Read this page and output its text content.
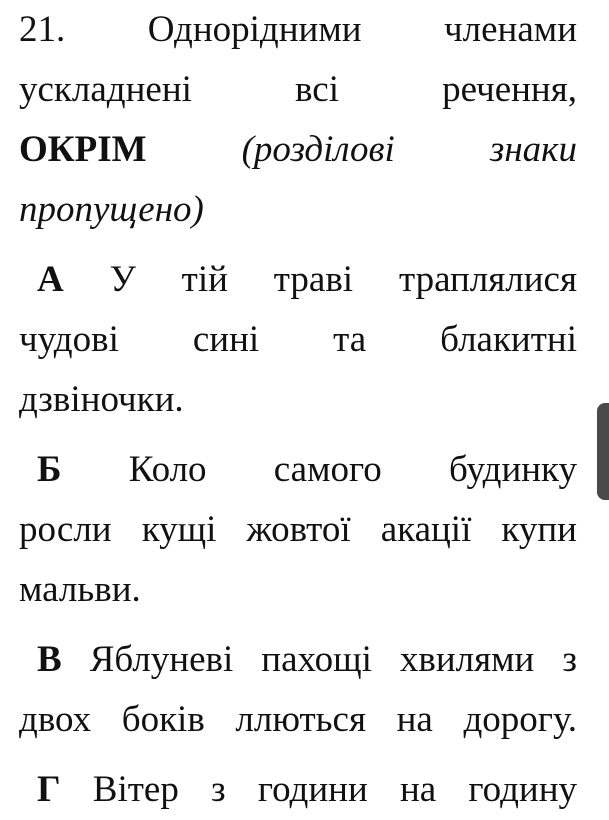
21. Однорідними членами

ускладнені всі речення,

ОКРІМ	(розділові знаки

пропущено)

А У тій траві траплялися

чудові сині та блакитні

дзвіночки.

Б Коло самого будинку

росли кущі жовтої акації купи

мальви.

В Яблуневі пахощі хвилями з

двох боків ллються на дорогу.

Г Вітер з години на годину
